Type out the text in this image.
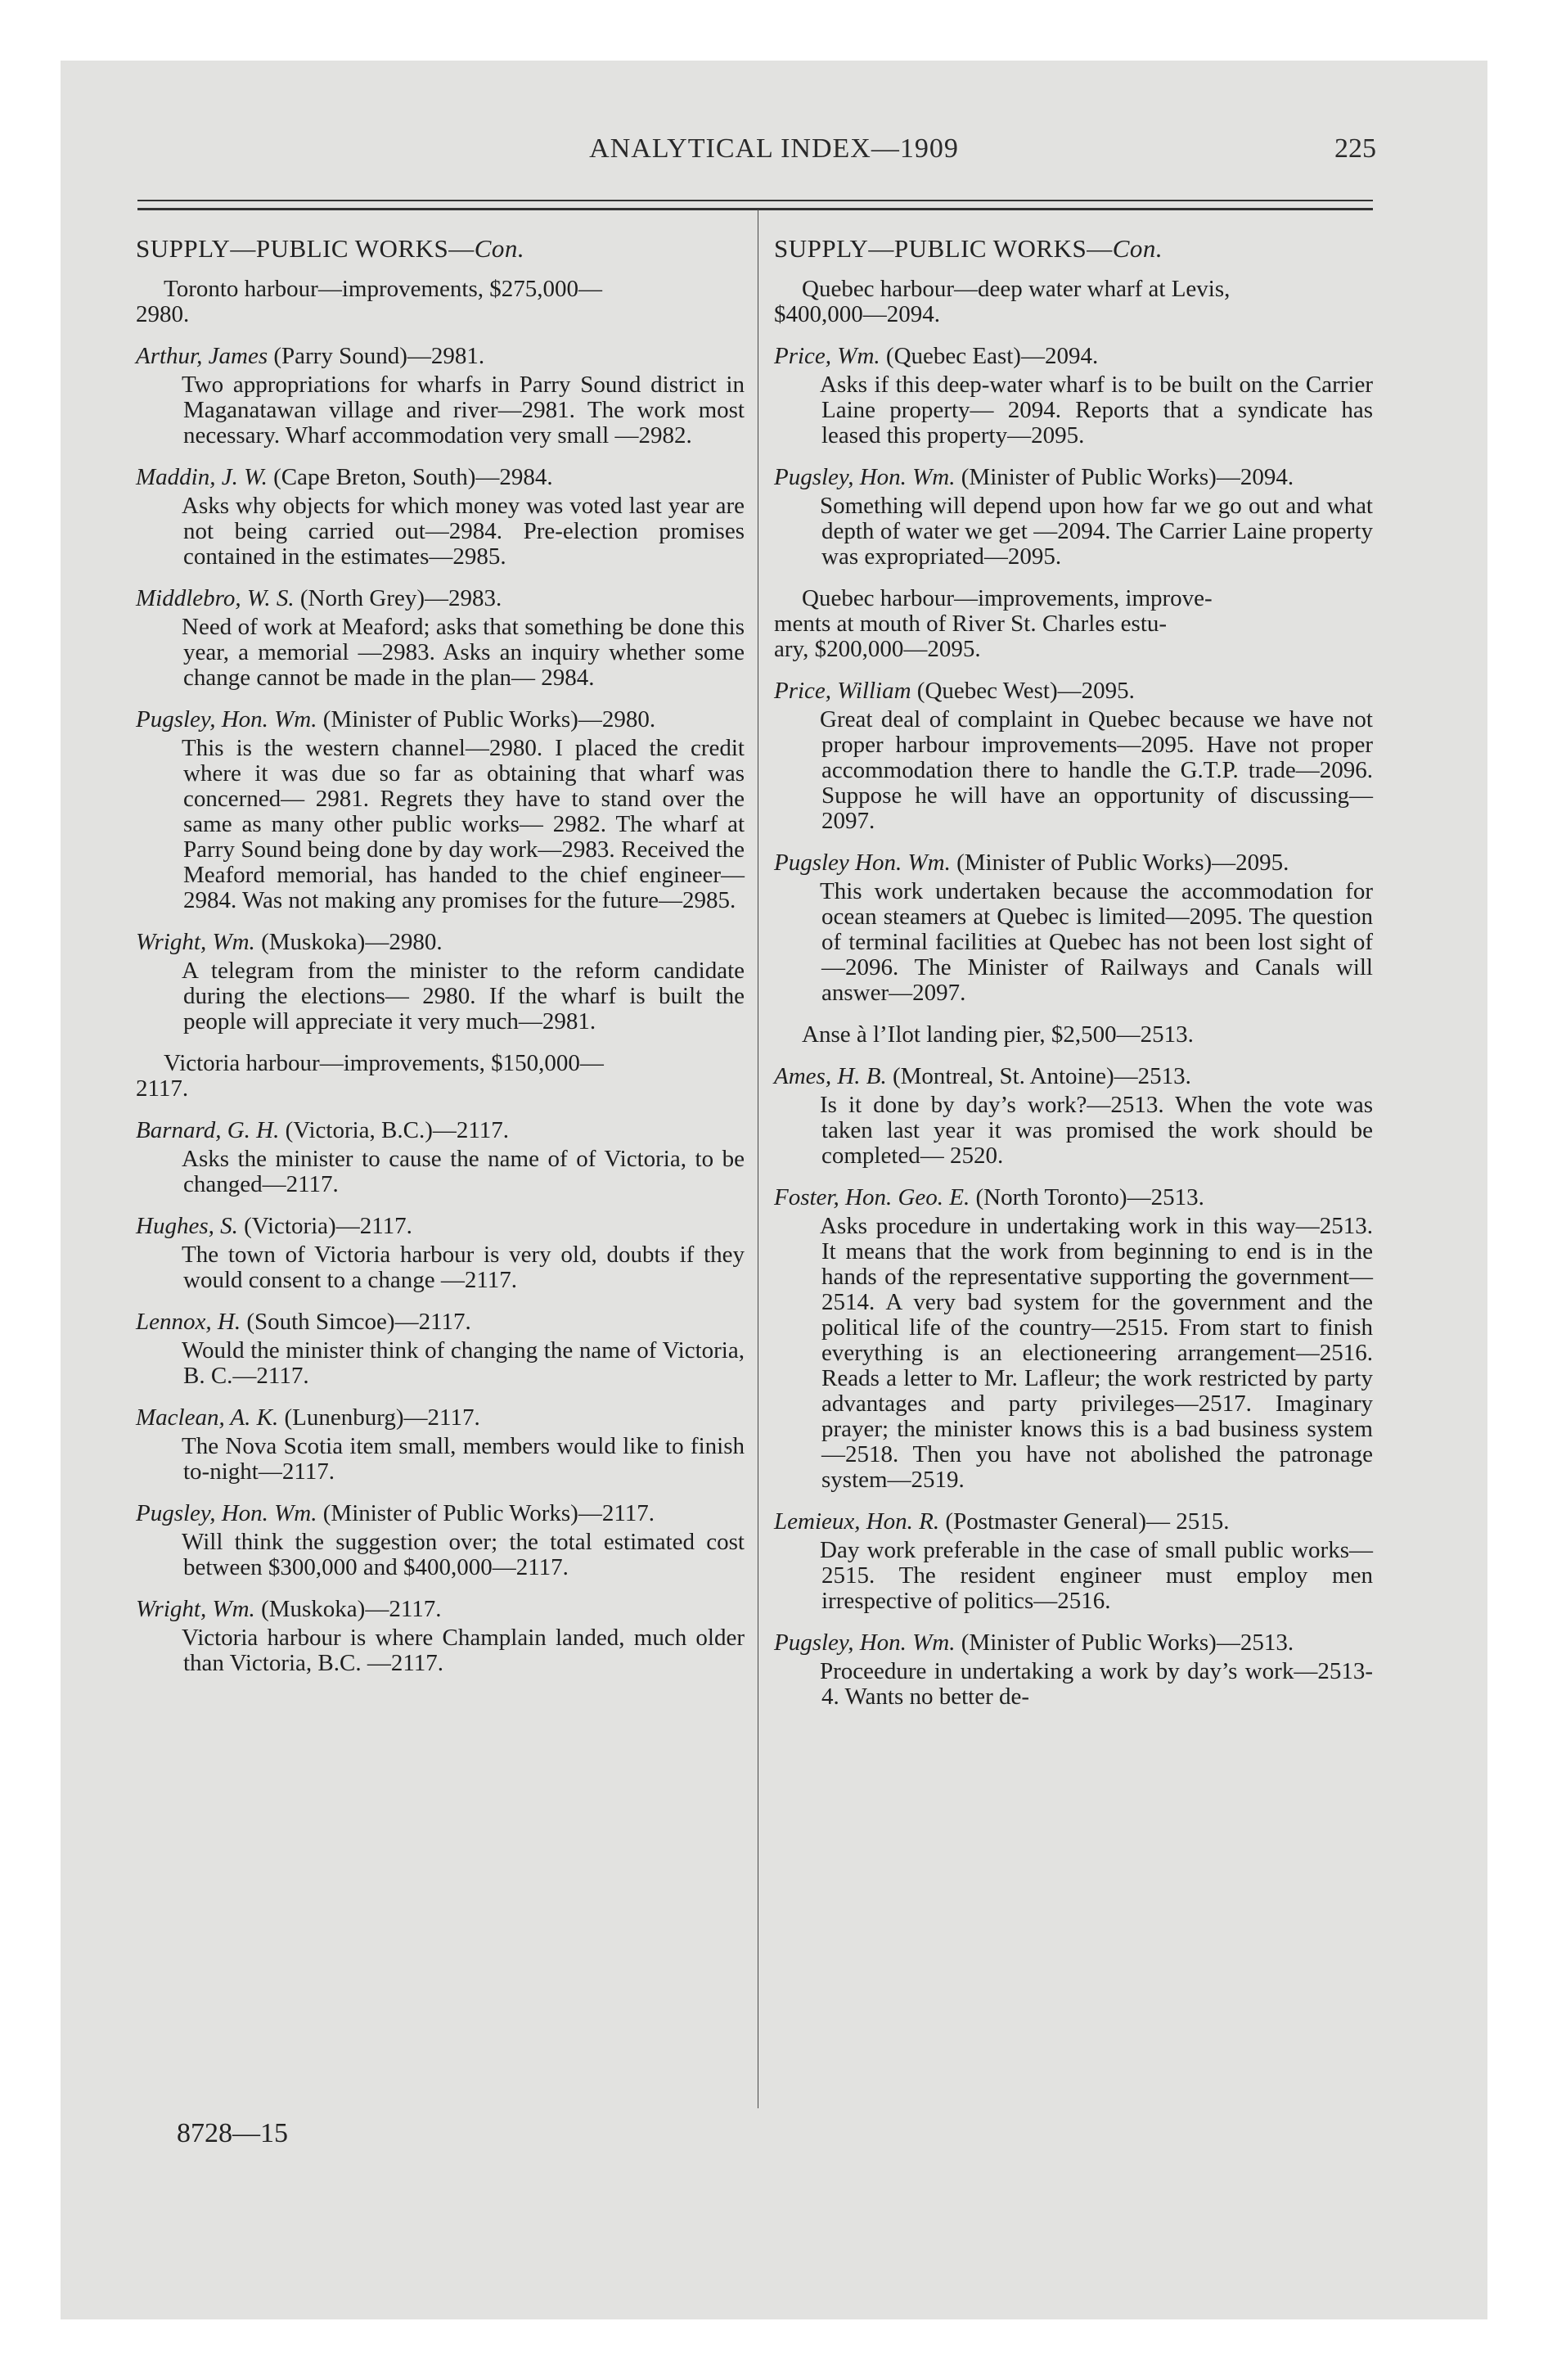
ANALYTICAL INDEX—1909	225
SUPPLY—PUBLIC WORKS—Con.
Toronto harbour—improvements, $275,000—
2980.

Arthur, James (Parry Sound)—2981.

Two appropriations for wharfs in Parry Sound district in Maganatawan village and river—2981. The work most necessary. Wharf accommodation very small —2982.

Maddin, J. W. (Cape Breton, South)—2984.

Asks why objects for which money was voted last year are not being carried out—2984. Pre-election promises contained in the estimates—2985.

Middlebro, W. S. (North Grey)—2983.

Need of work at Meaford; asks that something be done this year, a memorial —2983. Asks an inquiry whether some change cannot be made in the plan— 2984.

Pugsley, Hon. Wm. (Minister of Public Works)—2980.

This is the western channel—2980. I placed the credit where it was due so far as obtaining that wharf was concerned— 2981. Regrets they have to stand over the same as many other public works— 2982. The wharf at Parry Sound being done by day work—2983. Received the Meaford memorial, has handed to the chief engineer—2984. Was not making any promises for the future—2985.

Wright, Wm. (Muskoka)—2980.

A telegram from the minister to the reform candidate during the elections— 2980. If the wharf is built the people will appreciate it very much—2981.

Victoria harbour—improvements, $150,000—
2117.

Barnard, G. H. (Victoria, B.C.)—2117.

Asks the minister to cause the name of of Victoria, to be changed—2117.

Hughes, S. (Victoria)—2117.

The town of Victoria harbour is very old, doubts if they would consent to a change —2117.

Lennox, H. (South Simcoe)—2117.

Would the minister think of changing the name of Victoria, B. C.—2117.

Maclean, A. K. (Lunenburg)—2117.

The Nova Scotia item small, members would like to finish to-night—2117.

Pugsley, Hon. Wm. (Minister of Public Works)—2117.

Will think the suggestion over; the total estimated cost between $300,000 and $400,000—2117.

Wright, Wm. (Muskoka)—2117.

Victoria harbour is where Champlain landed, much older than Victoria, B.C. —2117.

8728—15
SUPPLY—PUBLIC WORKS—Con.
Quebec harbour—deep water wharf at Levis,
$400,000—2094.

Price, Wm. (Quebec East)—2094.

Asks if this deep-water wharf is to be built on the Carrier Laine property— 2094. Reports that a syndicate has leased this property—2095.

Pugsley, Hon. Wm. (Minister of Public Works)—2094.

Something will depend upon how far we go out and what depth of water we get —2094. The Carrier Laine property was expropriated—2095.

Quebec harbour—improvements, improve-
ments at mouth of River St. Charles estu-
ary, $200,000—2095.

Price, William (Quebec West)—2095.

Great deal of complaint in Quebec because we have not proper harbour improvements—2095. Have not proper accommodation there to handle the G.T.P. trade—2096. Suppose he will have an opportunity of discussing—2097.

Pugsley Hon. Wm. (Minister of Public Works)—2095.

This work undertaken because the accommodation for ocean steamers at Quebec is limited—2095. The question of terminal facilities at Quebec has not been lost sight of—2096. The Minister of Railways and Canals will answer—2097.

Anse à l’Ilot landing pier, $2,500—2513.

Ames, H. B. (Montreal, St. Antoine)—2513.

Is it done by day’s work?—2513. When the vote was taken last year it was promised the work should be completed— 2520.

Foster, Hon. Geo. E. (North Toronto)—2513.

Asks procedure in undertaking work in this way—2513. It means that the work from beginning to end is in the hands of the representative supporting the government—2514. A very bad system for the government and the political life of the country—2515. From start to finish everything is an electioneering arrangement—2516. Reads a letter to Mr. Lafleur; the work restricted by party advantages and party privileges—2517. Imaginary prayer; the minister knows this is a bad business system—2518. Then you have not abolished the patronage system—2519.

Lemieux, Hon. R. (Postmaster General)— 2515.

Day work preferable in the case of small public works—2515. The resident engineer must employ men irrespective of politics—2516.

Pugsley, Hon. Wm. (Minister of Public Works)—2513.

Proceedure in undertaking a work by day’s work—2513-4. Wants no better de-
